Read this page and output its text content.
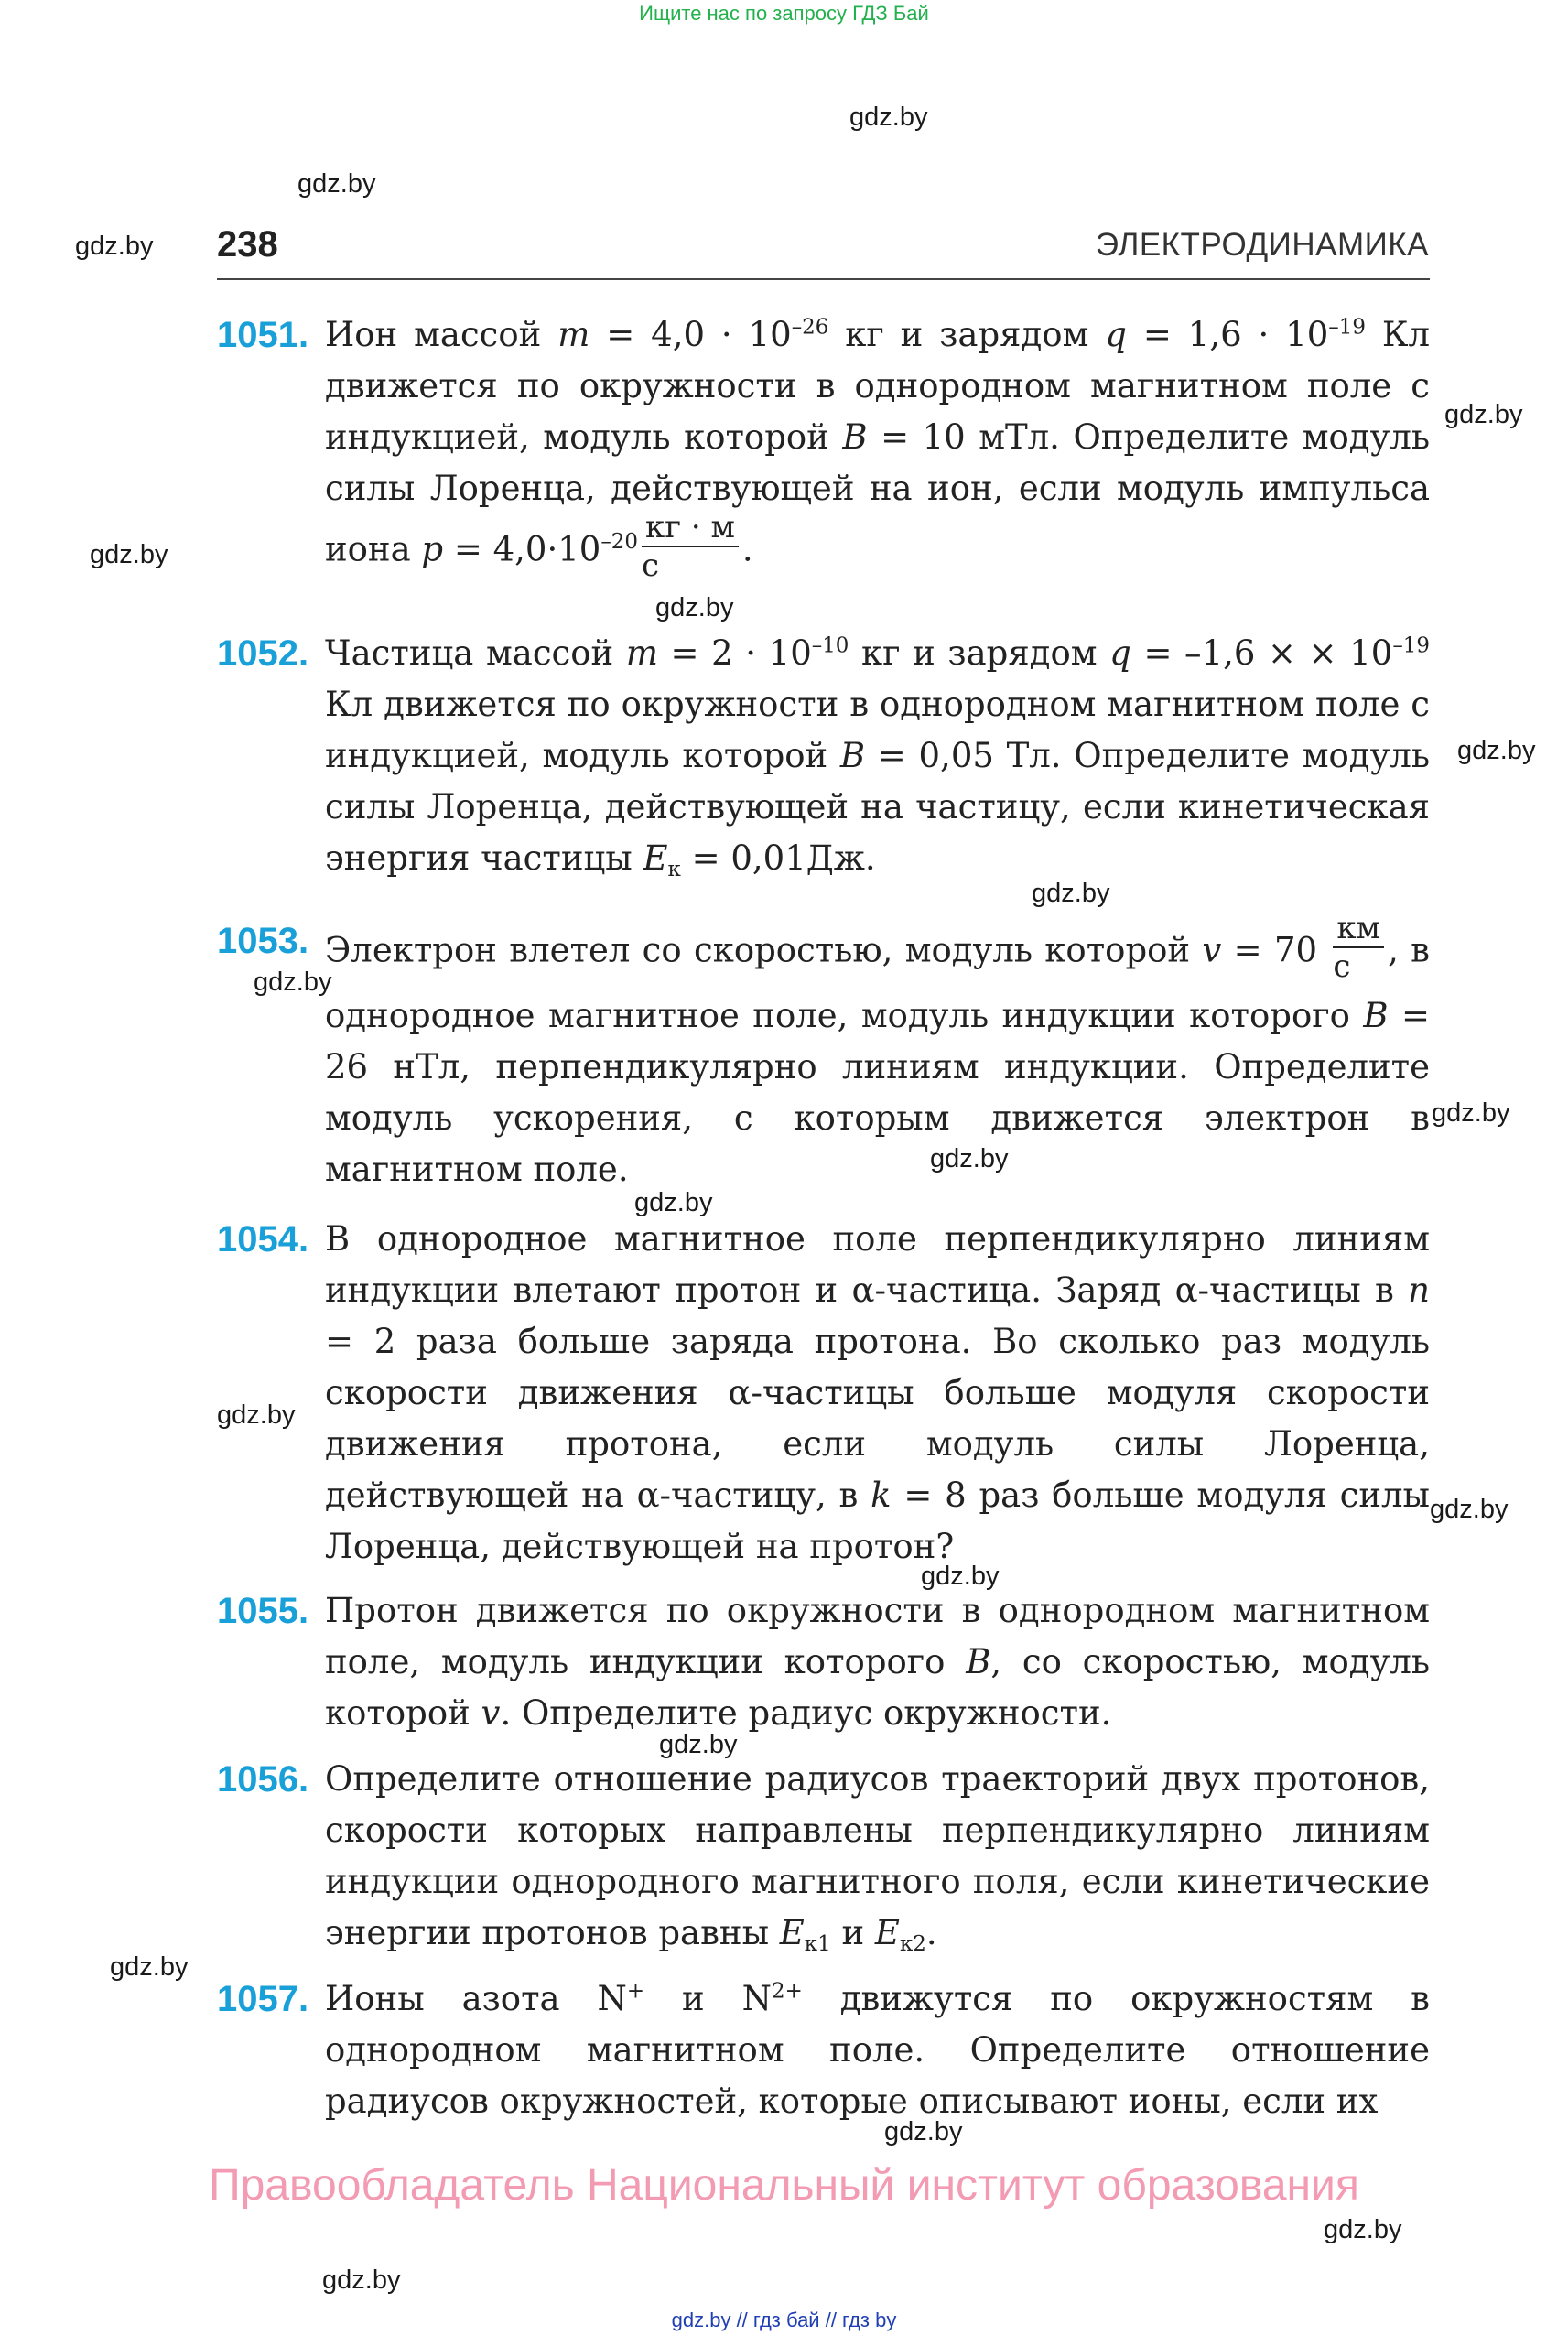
Ищите нас по запросу ГДЗ Бай
gdz.by
gdz.by
gdz.by
gdz.by
gdz.by
gdz.by
gdz.by
gdz.by
gdz.by
gdz.by
gdz.by
gdz.by
gdz.by
gdz.by
gdz.by
gdz.by
gdz.by
gdz.by
gdz.by
gdz.by
238	ЭЛЕКТРОДИНАМИКА
1051. Ион массой $m = 4,0 \cdot 10^{-26}$ кг и зарядом $q = 1,6 \cdot 10^{-19}$ Кл движется по окружности в однородном магнитном поле с индукцией, модуль которой B = 10 мТл. Определите модуль силы Лоренца, действующей на ион, если модуль импульса иона $p = 4,0\cdot 10^{-20} \frac{кг \cdot м}{с}$ .
1052. Частица массой $m = 2 \cdot 10^{-10}$ кг и зарядом q = –1,6 × × $10^{-19}$ Кл движется по окружности в однородном магнитном поле с индукцией, модуль которой B = 0,05 Тл. Определите модуль силы Лоренца, действующей на частицу, если кинетическая энергия частицы $E_к = 0,01Дж$.
1053. Электрон влетел со скоростью, модуль которой $v = 70 \frac{км}{с}$ , в однородное магнитное поле, модуль индукции которого B = 26 нТл, перпендикулярно линиям индукции. Определите модуль ускорения, с которым движется электрон в магнитном поле.
1054. В однородное магнитное поле перпендикулярно линиям индукции влетают протон и α-частица. Заряд α-частицы в n = 2 раза больше заряда протона. Во сколько раз модуль скорости движения α-частицы больше модуля скорости движения протона, если модуль силы Лоренца, действующей на α-частицу, в k = 8 раз больше модуля силы Лоренца, действующей на протон?
1055. Протон движется по окружности в однородном магнитном поле, модуль индукции которого B, со скоростью, модуль которой v. Определите радиус окружности.
1056. Определите отношение радиусов траекторий двух протонов, скорости которых направлены перпендикулярно линиям индукции однородного магнитного поля, если кинетические энергии протонов равны $E_{к1}$ и $E_{к2}$.
1057. Ионы азота N+ и $N^{2+}$ движутся по окружностям в однородном магнитном поле. Определите отношение радиусов окружностей, которые описывают ионы, если их
Правообладатель Национальный институт образования
gdz.by // гдз бай // гдз by
